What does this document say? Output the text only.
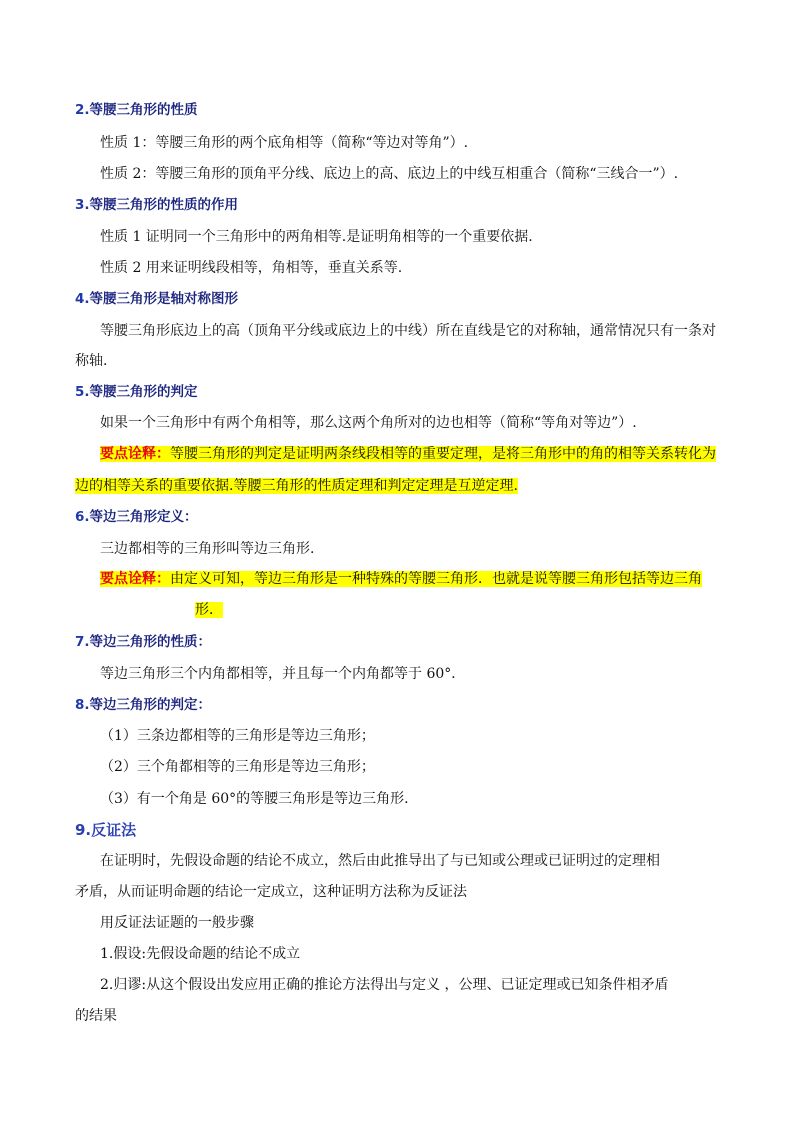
2.等腰三角形的性质
性质 1：等腰三角形的两个底角相等（简称“等边对等角”）.
性质 2：等腰三角形的顶角平分线、底边上的高、底边上的中线互相重合（简称“三线合一”）.
3.等腰三角形的性质的作用
性质 1 证明同一个三角形中的两角相等.是证明角相等的一个重要依据.
性质 2 用来证明线段相等，角相等，垂直关系等.
4.等腰三角形是轴对称图形
等腰三角形底边上的高（顶角平分线或底边上的中线）所在直线是它的对称轴，通常情况只有一条对
称轴.
5.等腰三角形的判定
如果一个三角形中有两个角相等，那么这两个角所对的边也相等（简称“等角对等边”）.
要点诠释：等腰三角形的判定是证明两条线段相等的重要定理，是将三角形中的角的相等关系转化为
边的相等关系的重要依据.等腰三角形的性质定理和判定定理是互逆定理.
6.等边三角形定义：
三边都相等的三角形叫等边三角形.
要点诠释：由定义可知，等边三角形是一种特殊的等腰三角形．也就是说等腰三角形包括等边三角
形．
7.等边三角形的性质：
等边三角形三个内角都相等，并且每一个内角都等于 60°．
8.等边三角形的判定：
（1）三条边都相等的三角形是等边三角形；
（2）三个角都相等的三角形是等边三角形；
（3）有一个角是 60°的等腰三角形是等边三角形.
9.反证法
在证明时，先假设命题的结论不成立，然后由此推导出了与已知或公理或已证明过的定理相
矛盾，从而证明命题的结论一定成立，这种证明方法称为反证法
用反证法证题的一般步骤
1.假设:先假设命题的结论不成立
2.归谬:从这个假设出发应用正确的推论方法得出与定义 ，公理、已证定理或已知条件相矛盾
的结果
